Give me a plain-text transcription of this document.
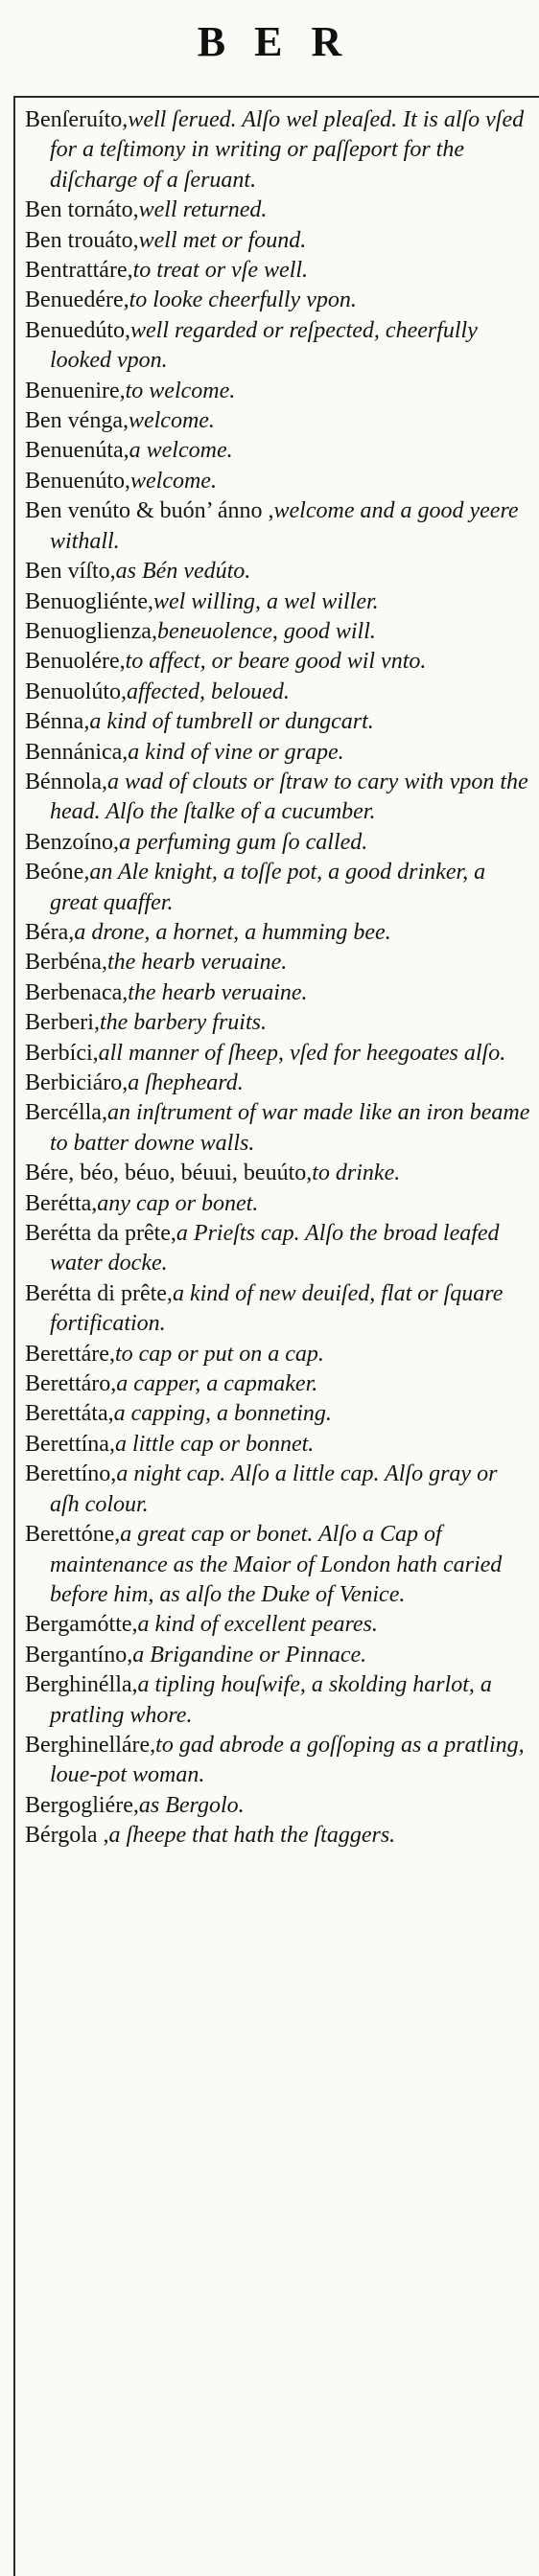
BER

Benſeruíto,well ſerued. Alſo wel pleaſed. It is alſo vſed for a teſtimony in writing or paſſeport for the diſcharge of a ſeruant.

Ben tornáto,well returned.

Ben trouáto,well met or found.

Bentrattáre,to treat or vſe well.

Benuedére,to looke cheerfully vpon.

Benuedúto,well regarded or reſpected, cheerfully looked vpon.

Benuenire,to welcome.

Ben vénga,welcome.

Benuenúta,a welcome.

Benuenúto,welcome.

Ben venúto & buón’ ánno ,welcome and a good yeere withall.

Ben víſto,as Bén vedúto.

Benuogliénte,wel willing, a wel willer.

Benuoglienza,beneuolence, good will.

Benuolére,to affect, or beare good wil vnto.

Benuolúto,affected, beloued.

Bénna,a kind of tumbrell or dungcart.

Bennánica,a kind of vine or grape.

Bénnola,a wad of clouts or ſtraw to cary with vpon the head. Alſo the ſtalke of a cucumber.

Benzoíno,a perfuming gum ſo called.

Beóne,an Ale knight, a toſſe pot, a good drinker, a great quaffer.

Béra,a drone, a hornet, a humming bee.

Berbéna,the hearb veruaine.

Berbenaca,the hearb veruaine.

Berberi,the barbery fruits.

Berbíci,all manner of ſheep, vſed for heegoates alſo.

Berbiciáro,a ſhepheard.

Bercélla,an inſtrument of war made like an iron beame to batter downe walls.

Bére, béo, béuo, béuui, beuúto,to drinke.

Berétta,any cap or bonet.

Berétta da prête,a Prieſts cap. Alſo the broad leafed water docke.

Berétta di prête,a kind of new deuiſed, flat or ſquare fortification.

Berettáre,to cap or put on a cap.

Berettáro,a capper, a capmaker.

Berettáta,a capping, a bonneting.

Berettína,a little cap or bonnet.

Berettíno,a night cap. Alſo a little cap. Alſo gray or aſh colour.

Berettóne,a great cap or bonet. Alſo a Cap of maintenance as the Maior of London hath caried before him, as alſo the Duke of Venice.

Bergamótte,a kind of excellent peares.

Bergantíno,a Brigandine or Pinnace.

Berghinélla,a tipling houſwife, a skolding harlot, a pratling whore.

Berghinelláre,to gad abrode a goſſoping as a pratling, loue-pot woman.

Bergogliére,as Bergolo.

Bérgola ,a ſheepe that hath the ſtaggers.
